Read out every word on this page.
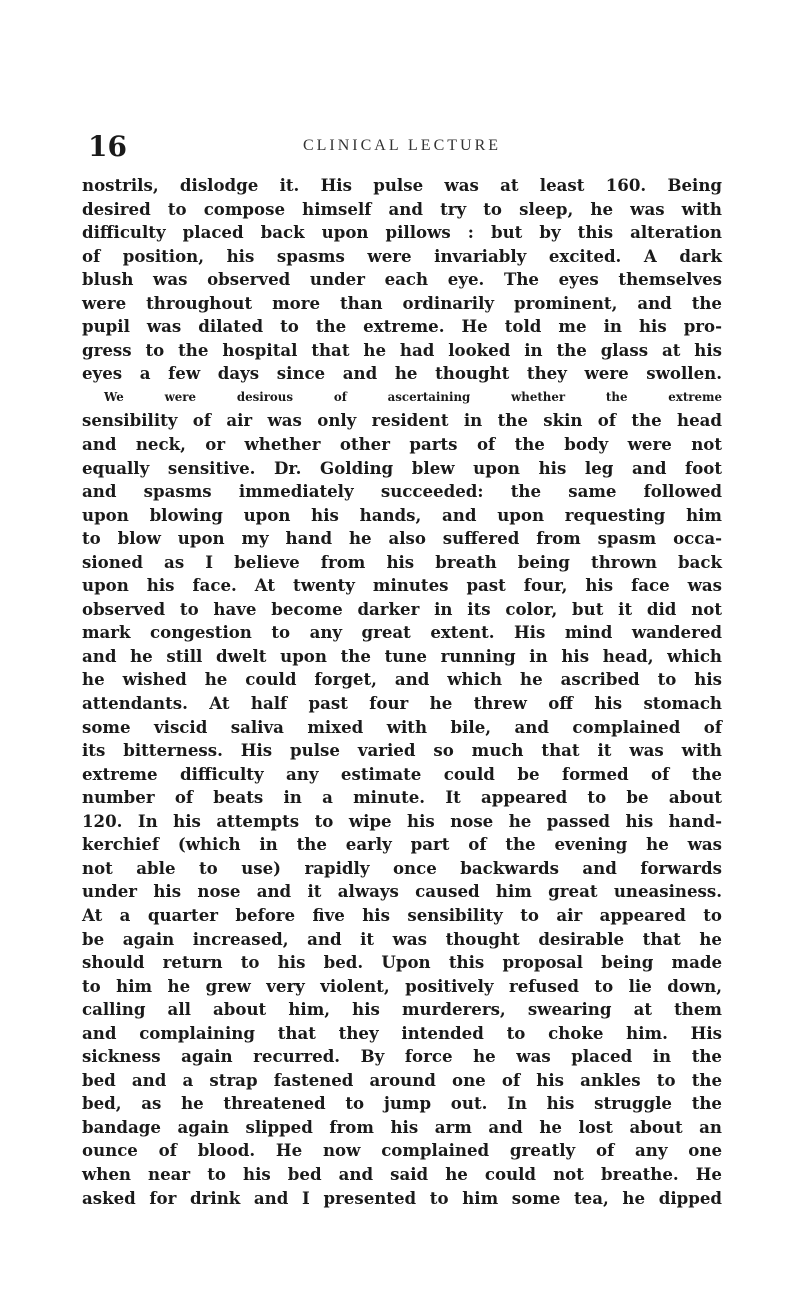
16	CLINICAL LECTURE
nostrils, dislodge it. His pulse was at least 160. Being
desired to compose himself and try to sleep, he was with
difficulty placed back upon pillows : but by this alteration
of position, his spasms were invariably excited. A dark
blush was observed under each eye. The eyes themselves
were throughout more than ordinarily prominent, and the
pupil was dilated to the extreme. He told me in his pro-
gress to the hospital that he had looked in the glass at his
eyes a few days since and he thought they were swollen.
We were desirous of ascertaining whether the extreme
sensibility of air was only resident in the skin of the head
and neck, or whether other parts of the body were not
equally sensitive. Dr. Golding blew upon his leg and foot
and spasms immediately succeeded: the same followed
upon blowing upon his hands, and upon requesting him
to blow upon my hand he also suffered from spasm occa-
sioned as I believe from his breath being thrown back
upon his face. At twenty minutes past four, his face was
observed to have become darker in its color, but it did not
mark congestion to any great extent. His mind wandered
and he still dwelt upon the tune running in his head, which
he wished he could forget, and which he ascribed to his
attendants. At half past four he threw off his stomach
some viscid saliva mixed with bile, and complained of
its bitterness. His pulse varied so much that it was with
extreme difficulty any estimate could be formed of the
number of beats in a minute. It appeared to be about
120. In his attempts to wipe his nose he passed his hand-
kerchief (which in the early part of the evening he was
not able to use) rapidly once backwards and forwards
under his nose and it always caused him great uneasiness.
At a quarter before five his sensibility to air appeared to
be again increased, and it was thought desirable that he
should return to his bed. Upon this proposal being made
to him he grew very violent, positively refused to lie down,
calling all about him, his murderers, swearing at them
and complaining that they intended to choke him. His
sickness again recurred. By force he was placed in the
bed and a strap fastened around one of his ankles to the
bed, as he threatened to jump out. In his struggle the
bandage again slipped from his arm and he lost about an
ounce of blood. He now complained greatly of any one
when near to his bed and said he could not breathe. He
asked for drink and I presented to him some tea, he dipped
